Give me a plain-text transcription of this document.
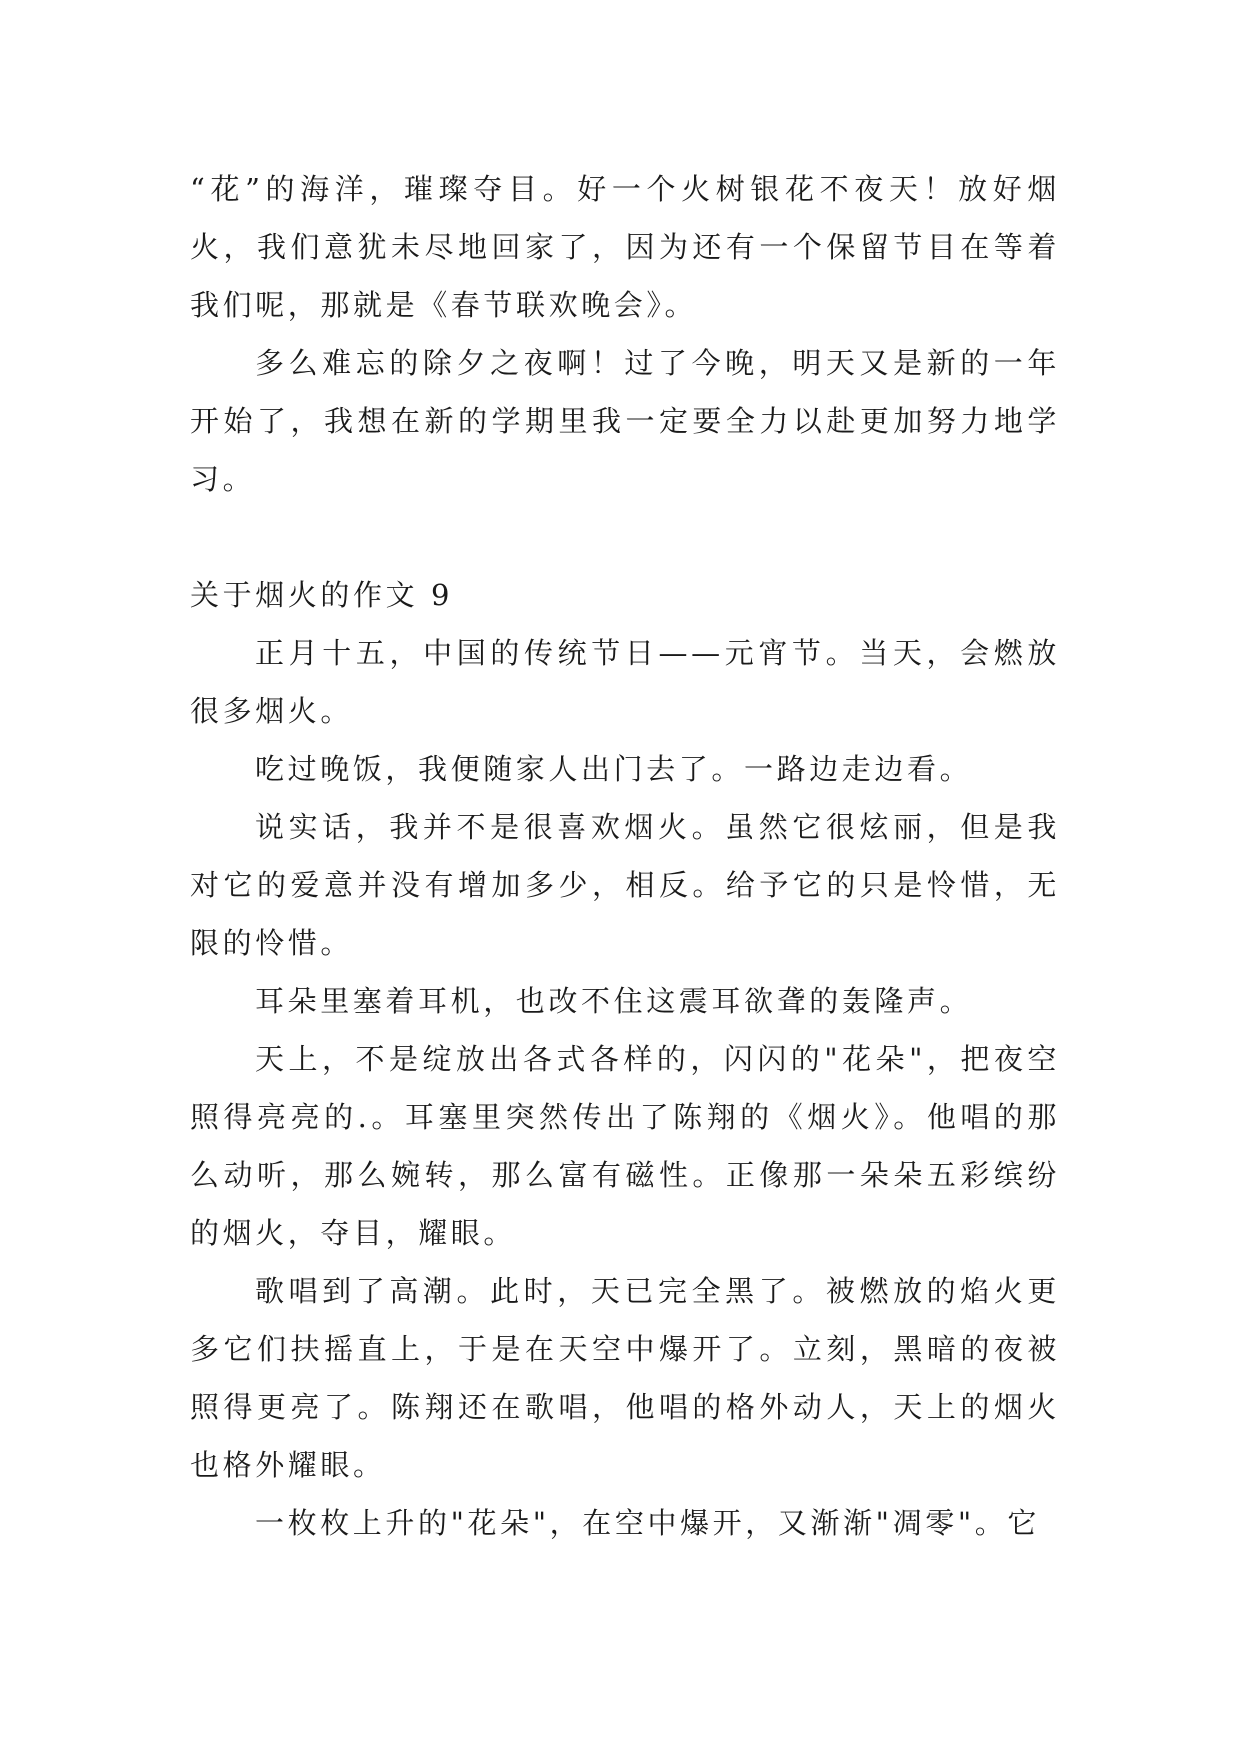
“花”的海洋，璀璨夺目。好一个火树银花不夜天！放好烟火，我们意犹未尽地回家了，因为还有一个保留节目在等着我们呢，那就是《春节联欢晚会》。

多么难忘的除夕之夜啊！过了今晚，明天又是新的一年开始了，我想在新的学期里我一定要全力以赴更加努力地学习。

关于烟火的作文 9

正月十五，中国的传统节日——元宵节。当天，会燃放很多烟火。

吃过晚饭，我便随家人出门去了。一路边走边看。

说实话，我并不是很喜欢烟火。虽然它很炫丽，但是我对它的爱意并没有增加多少，相反。给予它的只是怜惜，无限的怜惜。

耳朵里塞着耳机，也改不住这震耳欲聋的轰隆声。

天上，不是绽放出各式各样的，闪闪的"花朵"，把夜空照得亮亮的.。耳塞里突然传出了陈翔的《烟火》。他唱的那么动听，那么婉转，那么富有磁性。正像那一朵朵五彩缤纷的烟火，夺目，耀眼。

歌唱到了高潮。此时，天已完全黑了。被燃放的焰火更多它们扶摇直上，于是在天空中爆开了。立刻，黑暗的夜被照得更亮了。陈翔还在歌唱，他唱的格外动人，天上的烟火也格外耀眼。

一枚枚上升的"花朵"，在空中爆开，又渐渐"凋零"。它
